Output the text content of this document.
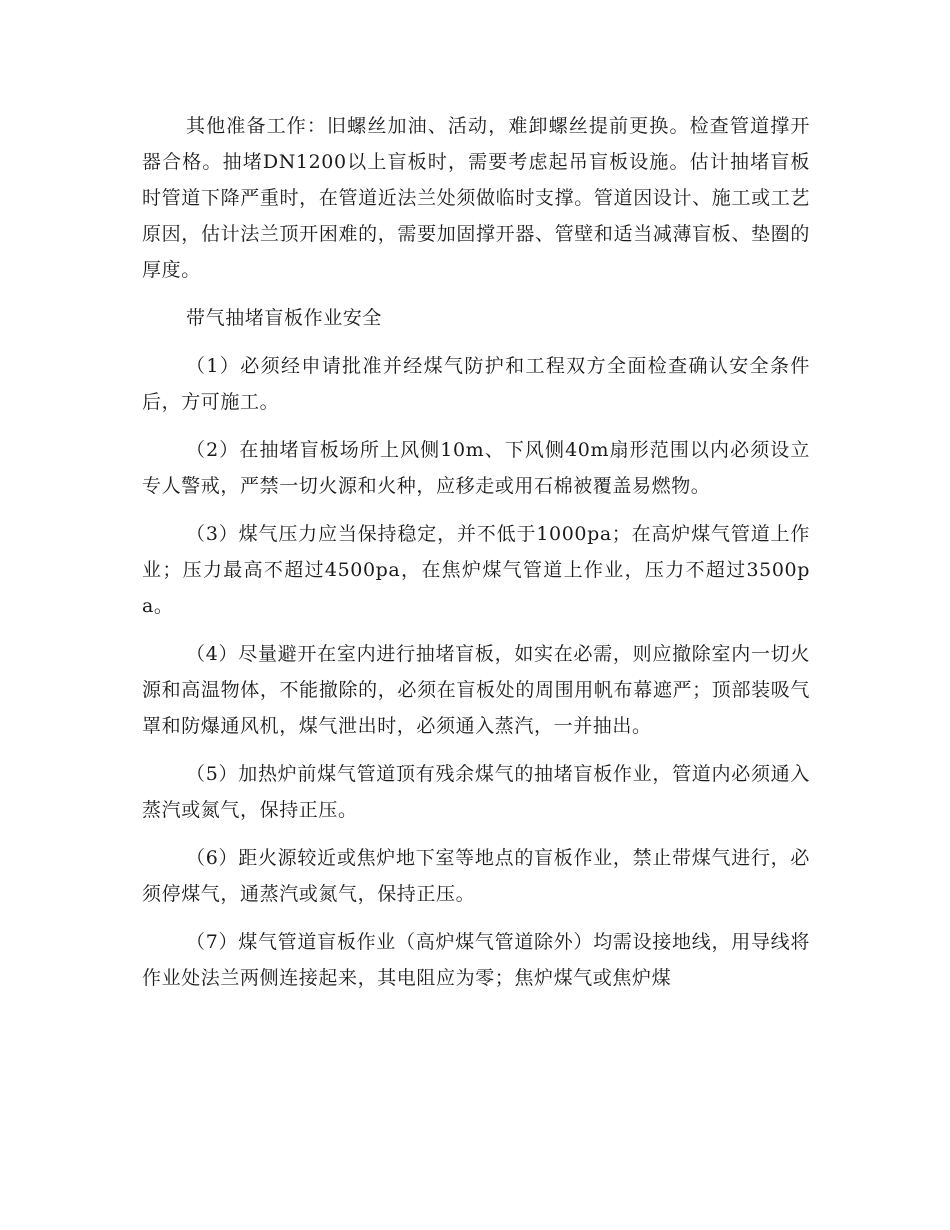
其他准备工作：旧螺丝加油、活动，难卸螺丝提前更换。检查管道撑开器合格。抽堵DN1200以上盲板时，需要考虑起吊盲板设施。估计抽堵盲板时管道下降严重时，在管道近法兰处须做临时支撑。管道因设计、施工或工艺原因，估计法兰顶开困难的，需要加固撑开器、管壁和适当减薄盲板、垫圈的厚度。

带气抽堵盲板作业安全

（1）必须经申请批准并经煤气防护和工程双方全面检查确认安全条件后，方可施工。

（2）在抽堵盲板场所上风侧10m、下风侧40m扇形范围以内必须设立专人警戒，严禁一切火源和火种，应移走或用石棉被覆盖易燃物。

（3）煤气压力应当保持稳定，并不低于1000pa；在高炉煤气管道上作业；压力最高不超过4500pa，在焦炉煤气管道上作业，压力不超过3500pa。

（4）尽量避开在室内进行抽堵盲板，如实在必需，则应撤除室内一切火源和高温物体，不能撤除的，必须在盲板处的周围用帆布幕遮严；顶部装吸气罩和防爆通风机，煤气泄出时，必须通入蒸汽，一并抽出。

（5）加热炉前煤气管道顶有残余煤气的抽堵盲板作业，管道内必须通入蒸汽或氮气，保持正压。

（6）距火源较近或焦炉地下室等地点的盲板作业，禁止带煤气进行，必须停煤气，通蒸汽或氮气，保持正压。

（7）煤气管道盲板作业（高炉煤气管道除外）均需设接地线，用导线将作业处法兰两侧连接起来，其电阻应为零；焦炉煤气或焦炉煤
